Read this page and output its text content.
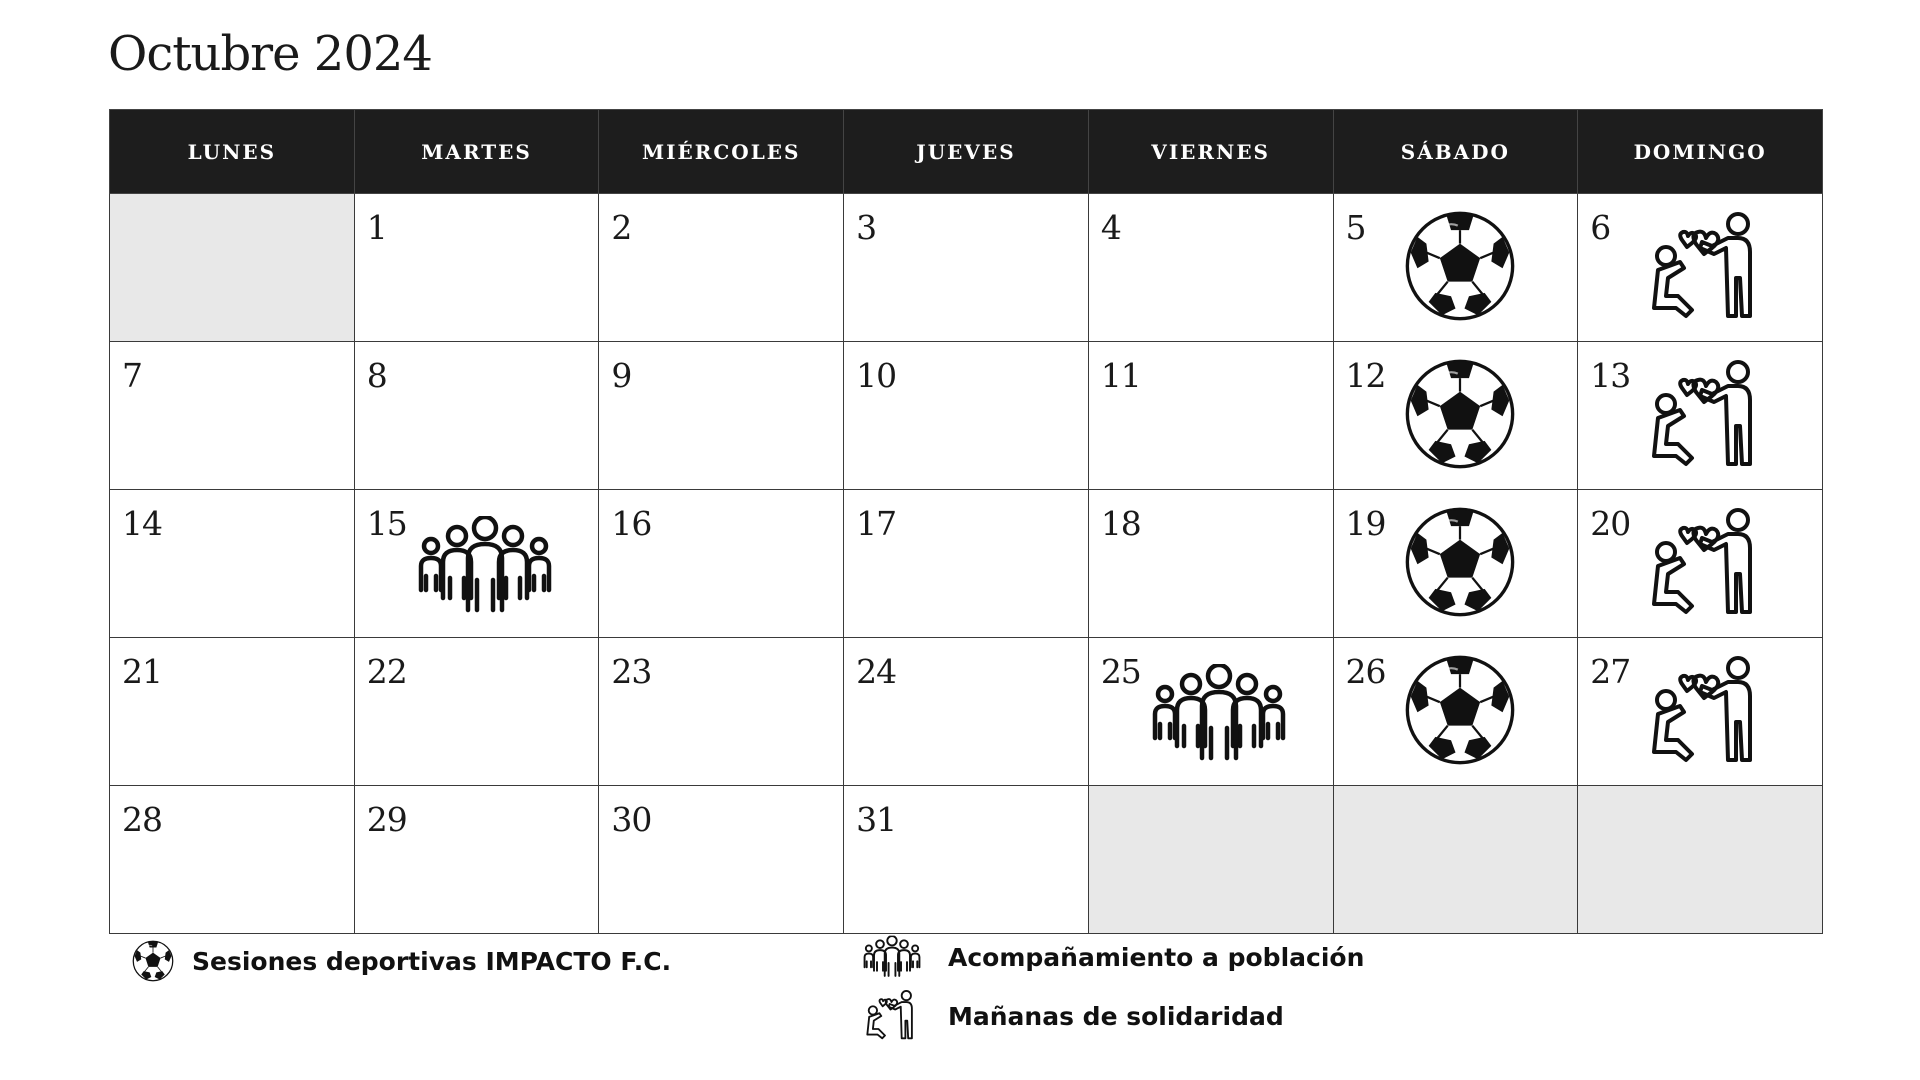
Octubre 2024
LUNES	MARTES	MIÉRCOLES	JUEVES	VIERNES	SÁBADO	DOMINGO

	1	2	3	4	5	6

7	8	9	10	11	12	13

14	15	16	17	18	19	20

21	22	23	24	25	26	27

28	29	30	31			

Sesiones deportivas IMPACTO F.C.	Acompañamiento a población
Mañanas de solidaridad
